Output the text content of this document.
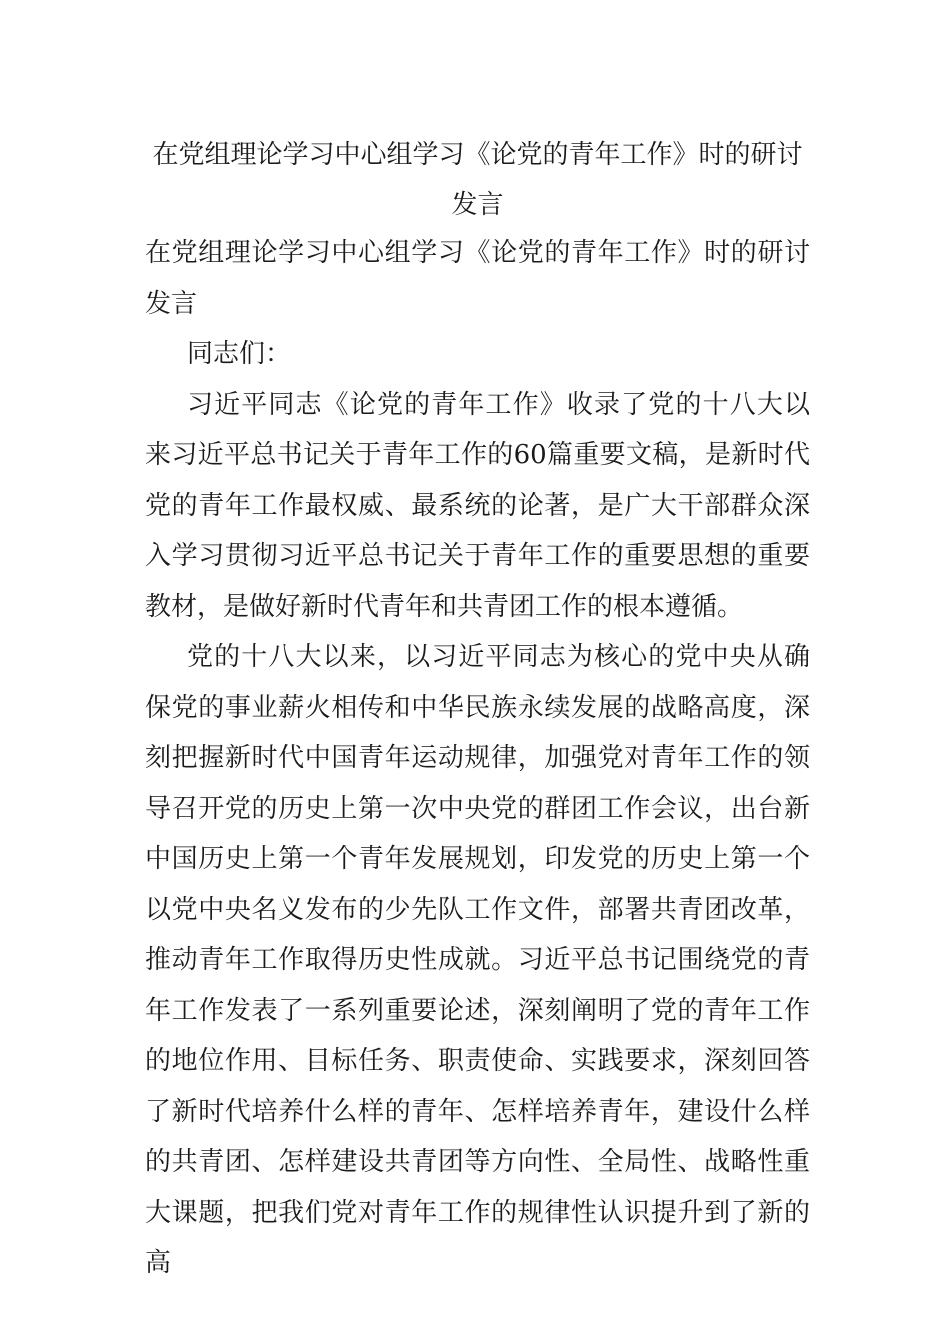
在党组理论学习中心组学习《论党的青年工作》时的研讨发言

在党组理论学习中心组学习《论党的青年工作》时的研讨发言

同志们：

习近平同志《论党的青年工作》收录了党的十八大以来习近平总书记关于青年工作的60篇重要文稿，是新时代党的青年工作最权威、最系统的论著，是广大干部群众深入学习贯彻习近平总书记关于青年工作的重要思想的重要教材，是做好新时代青年和共青团工作的根本遵循。

党的十八大以来，以习近平同志为核心的党中央从确保党的事业薪火相传和中华民族永续发展的战略高度，深刻把握新时代中国青年运动规律，加强党对青年工作的领导召开党的历史上第一次中央党的群团工作会议，出台新中国历史上第一个青年发展规划，印发党的历史上第一个以党中央名义发布的少先队工作文件，部署共青团改革，推动青年工作取得历史性成就。习近平总书记围绕党的青年工作发表了一系列重要论述，深刻阐明了党的青年工作的地位作用、目标任务、职责使命、实践要求，深刻回答了新时代培养什么样的青年、怎样培养青年，建设什么样的共青团、怎样建设共青团等方向性、全局性、战略性重大课题，把我们党对青年工作的规律性认识提升到了新的高
